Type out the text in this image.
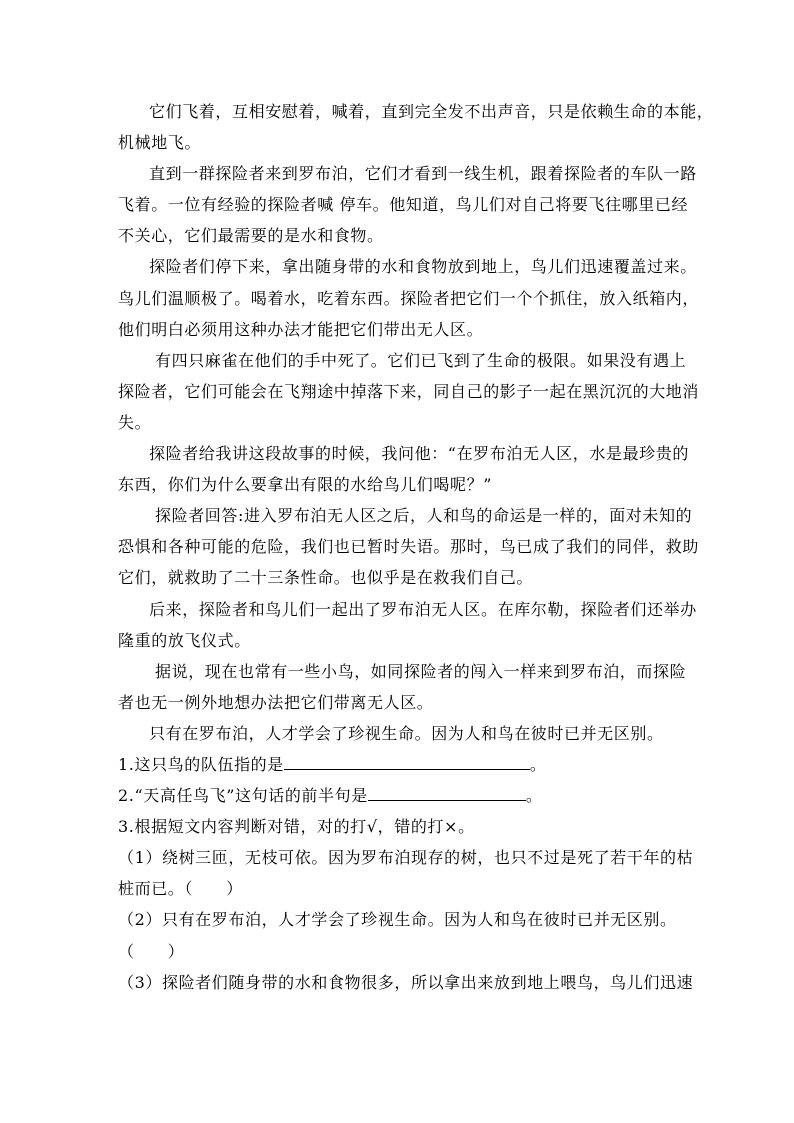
它们飞着，互相安慰着，喊着，直到完全发不出声音，只是依赖生命的本能，
机械地飞。
直到一群探险者来到罗布泊，它们才看到一线生机，跟着探险者的车队一路
飞着。一位有经验的探险者喊 停车。他知道，鸟儿们对自己将要飞往哪里已经
不关心，它们最需要的是水和食物。
探险者们停下来，拿出随身带的水和食物放到地上，鸟儿们迅速覆盖过来。
鸟儿们温顺极了。喝着水，吃着东西。探险者把它们一个个抓住，放入纸箱内，
他们明白必须用这种办法才能把它们带出无人区。
有四只麻雀在他们的手中死了。它们已飞到了生命的极限。如果没有遇上
探险者，它们可能会在飞翔途中掉落下来，同自己的影子一起在黑沉沉的大地消
失。
探险者给我讲这段故事的时候，我问他：“在罗布泊无人区，水是最珍贵的
东西，你们为什么要拿出有限的水给鸟儿们喝呢？”
探险者回答:进入罗布泊无人区之后，人和鸟的命运是一样的，面对未知的
恐惧和各种可能的危险，我们也已暂时失语。那时，鸟已成了我们的同伴，救助
它们，就救助了二十三条性命。也似乎是在救我们自己。
后来，探险者和鸟儿们一起出了罗布泊无人区。在库尔勒，探险者们还举办
隆重的放飞仪式。
据说，现在也常有一些小鸟，如同探险者的闯入一样来到罗布泊，而探险
者也无一例外地想办法把它们带离无人区。
只有在罗布泊，人才学会了珍视生命。因为人和鸟在彼时已并无区别。
1.这只鸟的队伍指的是	。
2.“天高任鸟飞”这句话的前半句是	。
3.根据短文内容判断对错，对的打√，错的打×。
（1）绕树三匝，无枝可依。因为罗布泊现存的树，也只不过是死了若干年的枯
桩而已。（　　）
（2）只有在罗布泊，人才学会了珍视生命。因为人和鸟在彼时已并无区别。
（　　）
（3）探险者们随身带的水和食物很多，所以拿出来放到地上喂鸟，鸟儿们迅速
